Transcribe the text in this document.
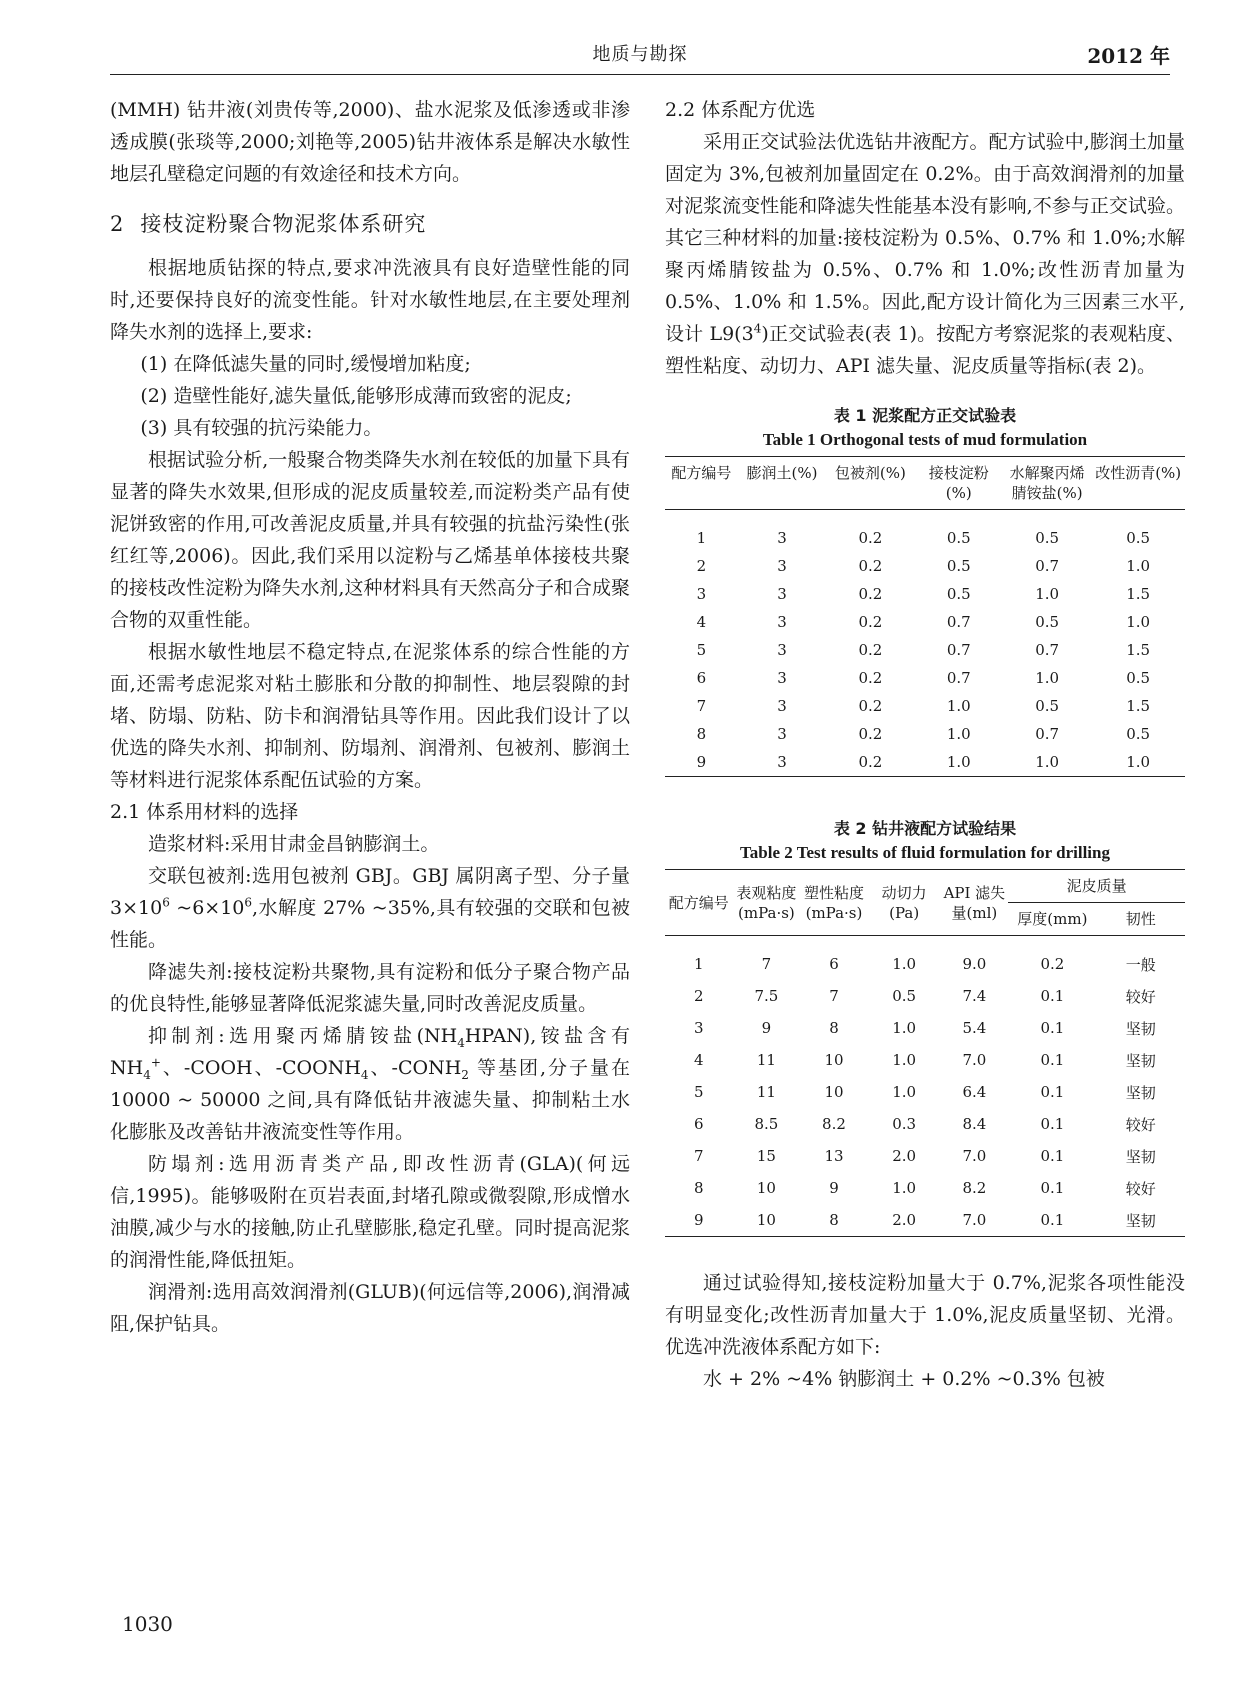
地质与勘探	2012 年

(MMH) 钻井液(刘贵传等,2000)、盐水泥浆及低渗透或非渗透成膜(张琰等,2000;刘艳等,2005)钻井液体系是解决水敏性地层孔壁稳定问题的有效途径和技术方向。

2 接枝淀粉聚合物泥浆体系研究

根据地质钻探的特点,要求冲洗液具有良好造壁性能的同时,还要保持良好的流变性能。针对水敏性地层,在主要处理剂降失水剂的选择上,要求:

(1) 在降低滤失量的同时,缓慢增加粘度;

(2) 造壁性能好,滤失量低,能够形成薄而致密的泥皮;

(3) 具有较强的抗污染能力。

根据试验分析,一般聚合物类降失水剂在较低的加量下具有显著的降失水效果,但形成的泥皮质量较差,而淀粉类产品有使泥饼致密的作用,可改善泥皮质量,并具有较强的抗盐污染性(张红红等,2006)。因此,我们采用以淀粉与乙烯基单体接枝共聚的接枝改性淀粉为降失水剂,这种材料具有天然高分子和合成聚合物的双重性能。

根据水敏性地层不稳定特点,在泥浆体系的综合性能的方面,还需考虑泥浆对粘土膨胀和分散的抑制性、地层裂隙的封堵、防塌、防粘、防卡和润滑钻具等作用。因此我们设计了以优选的降失水剂、抑制剂、防塌剂、润滑剂、包被剂、膨润土等材料进行泥浆体系配伍试验的方案。

2.1 体系用材料的选择

造浆材料:采用甘肃金昌钠膨润土。

交联包被剂:选用包被剂 GBJ。GBJ 属阴离子型、分子量 $3\times 10^6$ $\sim 6\times 10^6$,水解度 27% ~35%,具有较强的交联和包被性能。

降滤失剂:接枝淀粉共聚物,具有淀粉和低分子聚合物产品的优良特性,能够显著降低泥浆滤失量,同时改善泥皮质量。

抑制剂:选用聚丙烯腈铵盐$(NH_4HPAN)$,铵盐含有 $NH_4^+$、-COOH、$-COONH_4$、$-CONH_2$ 等基团,分子量在 10000 ~ 50000 之间,具有降低钻井液滤失量、抑制粘土水化膨胀及改善钻井液流变性等作用。

防塌剂:选用沥青类产品,即改性沥青(GLA)(何远信,1995)。能够吸附在页岩表面,封堵孔隙或微裂隙,形成憎水油膜,减少与水的接触,防止孔壁膨胀,稳定孔壁。同时提高泥浆的润滑性能,降低扭矩。

润滑剂:选用高效润滑剂(GLUB)(何远信等,2006),润滑减阻,保护钻具。

2.2 体系配方优选

采用正交试验法优选钻井液配方。配方试验中,膨润土加量固定为 3%,包被剂加量固定在 0.2%。由于高效润滑剂的加量对泥浆流变性能和降滤失性能基本没有影响,不参与正交试验。其它三种材料的加量:接枝淀粉为 0.5%、0.7% 和 1.0%;水解聚丙烯腈铵盐为 0.5%、0.7% 和 1.0%;改性沥青加量为 0.5%、1.0% 和 1.5%。因此,配方设计简化为三因素三水平,设计 $L9(3^4)$正交试验表(表 1)。按配方考察泥浆的表观粘度、塑性粘度、动切力、API 滤失量、泥皮质量等指标(表 2)。

表 1 泥浆配方正交试验表
Table 1 Orthogonal tests of mud formulation
配方编号	膨润土(%)	包被剂(%)	接枝淀粉(%)	水解聚丙烯腈铵盐(%)	改性沥青(%)
1	3	0.2	0.5	0.5	0.5
2	3	0.2	0.5	0.7	1.0
3	3	0.2	0.5	1.0	1.5
4	3	0.2	0.7	0.5	1.0
5	3	0.2	0.7	0.7	1.5
6	3	0.2	0.7	1.0	0.5
7	3	0.2	1.0	0.5	1.5
8	3	0.2	1.0	0.7	0.5
9	3	0.2	1.0	1.0	1.0
表 2 钻井液配方试验结果
Table 2 Test results of fluid formulation for drilling
配方编号	表观粘度(mPa·s)	塑性粘度(mPa·s)	动切力(Pa)	API 滤失量(ml)	泥皮质量	
					厚度(mm)	韧性
1	7	6	1.0	9.0	0.2	一般
2	7.5	7	0.5	7.4	0.1	较好
3	9	8	1.0	5.4	0.1	坚韧
4	11	10	1.0	7.0	0.1	坚韧
5	11	10	1.0	6.4	0.1	坚韧
6	8.5	8.2	0.3	8.4	0.1	较好
7	15	13	2.0	7.0	0.1	坚韧
8	10	9	1.0	8.2	0.1	较好
9	10	8	2.0	7.0	0.1	坚韧

通过试验得知,接枝淀粉加量大于 0.7%,泥浆各项性能没有明显变化;改性沥青加量大于 1.0%,泥皮质量坚韧、光滑。优选冲洗液体系配方如下:

水 + 2% ~4% 钠膨润土 + 0.2% ~0.3% 包被

1030
